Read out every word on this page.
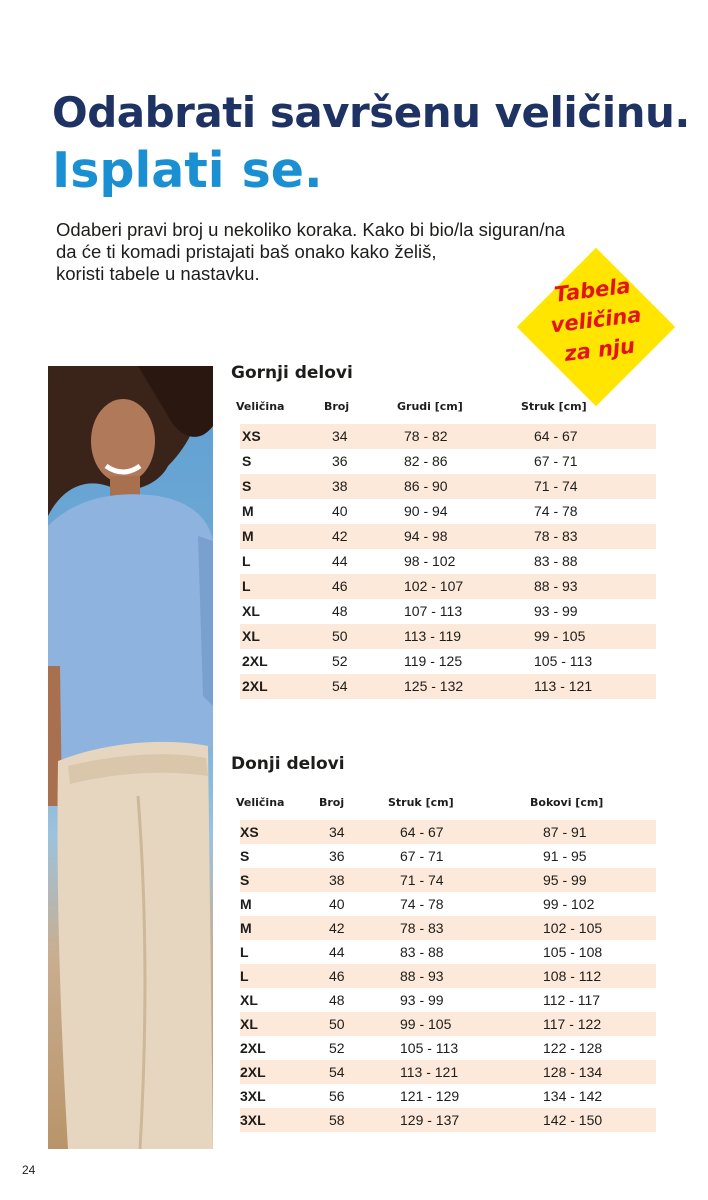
Odabrati savršenu veličinu.
Isplati se.
Odaberi pravi broj u nekoliko koraka. Kako bi bio/la siguran/na
da će ti komadi pristajati baš onako kako želiš,
koristi tabele u nastavku.
Tabela
veličina
za nju
Gornji delovi
Veličina	Broj	Grudi [cm]	Struk [cm]
XS	34	78 - 82	64 - 67
S	36	82 - 86	67 - 71
S	38	86 - 90	71 - 74
M	40	90 - 94	74 - 78
M	42	94 - 98	78 - 83
L	44	98 - 102	83 - 88
L	46	102 - 107	88 - 93
XL	48	107 - 113	93 - 99
XL	50	113 - 119	99 - 105
2XL	52	119 - 125	105 - 113
2XL	54	125 - 132	113 - 121
Donji delovi
Veličina	Broj	Struk [cm]	Bokovi [cm]
XS	34	64 - 67	87 - 91
S	36	67 - 71	91 - 95
S	38	71 - 74	95 - 99
M	40	74 - 78	99 - 102
M	42	78 - 83	102 - 105
L	44	83 - 88	105 - 108
L	46	88 - 93	108 - 112
XL	48	93 - 99	112 - 117
XL	50	99 - 105	117 - 122
2XL	52	105 - 113	122 - 128
2XL	54	113 - 121	128 - 134
3XL	56	121 - 129	134 - 142
3XL	58	129 - 137	142 - 150
24
